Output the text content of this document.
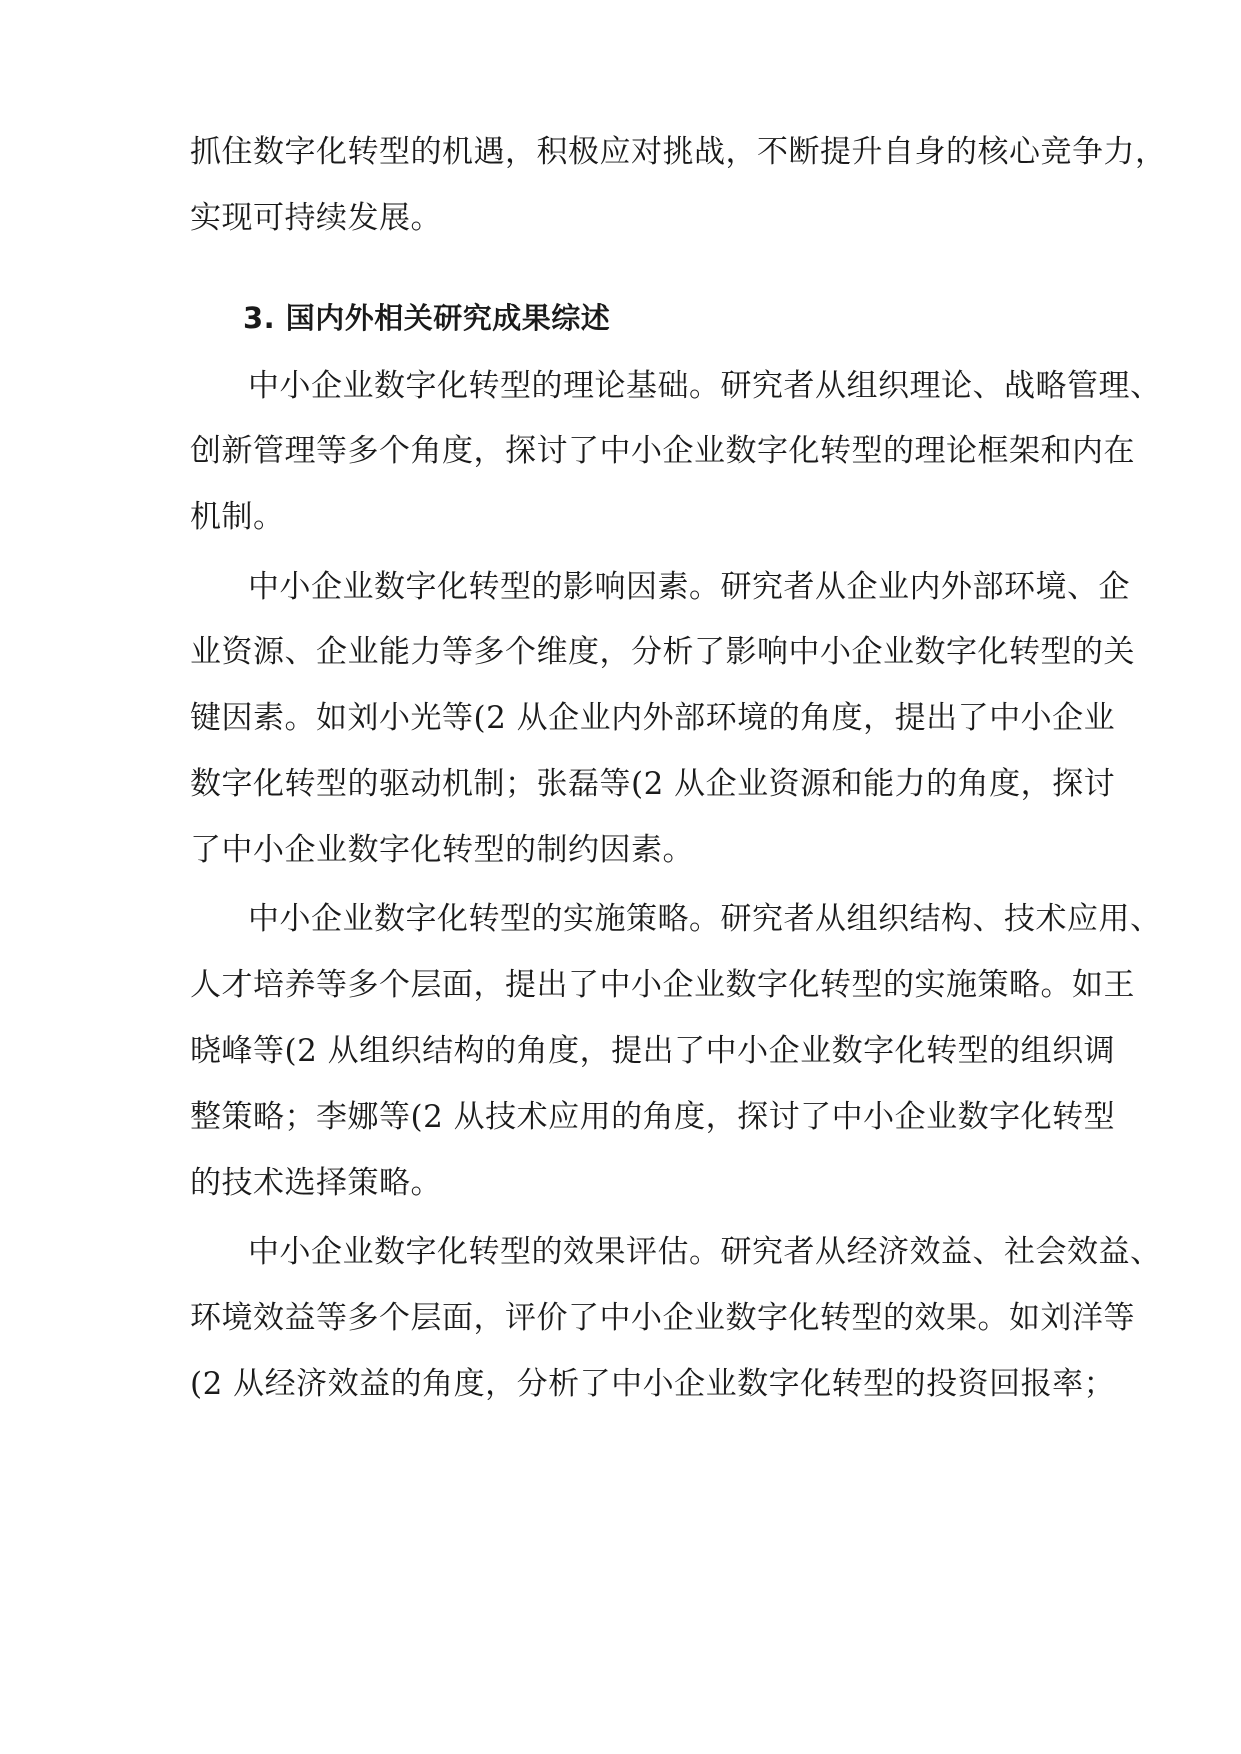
抓住数字化转型的机遇，积极应对挑战，不断提升自身的核心竞争力，
实现可持续发展。
3. 国内外相关研究成果综述
中小企业数字化转型的理论基础。研究者从组织理论、战略管理、
创新管理等多个角度，探讨了中小企业数字化转型的理论框架和内在
机制。
中小企业数字化转型的影响因素。研究者从企业内外部环境、企
业资源、企业能力等多个维度，分析了影响中小企业数字化转型的关
键因素。如刘小光等(2 从企业内外部环境的角度，提出了中小企业
数字化转型的驱动机制；张磊等(2 从企业资源和能力的角度，探讨
了中小企业数字化转型的制约因素。
中小企业数字化转型的实施策略。研究者从组织结构、技术应用、
人才培养等多个层面，提出了中小企业数字化转型的实施策略。如王
晓峰等(2 从组织结构的角度，提出了中小企业数字化转型的组织调
整策略；李娜等(2 从技术应用的角度，探讨了中小企业数字化转型
的技术选择策略。
中小企业数字化转型的效果评估。研究者从经济效益、社会效益、
环境效益等多个层面，评价了中小企业数字化转型的效果。如刘洋等
(2 从经济效益的角度，分析了中小企业数字化转型的投资回报率；
